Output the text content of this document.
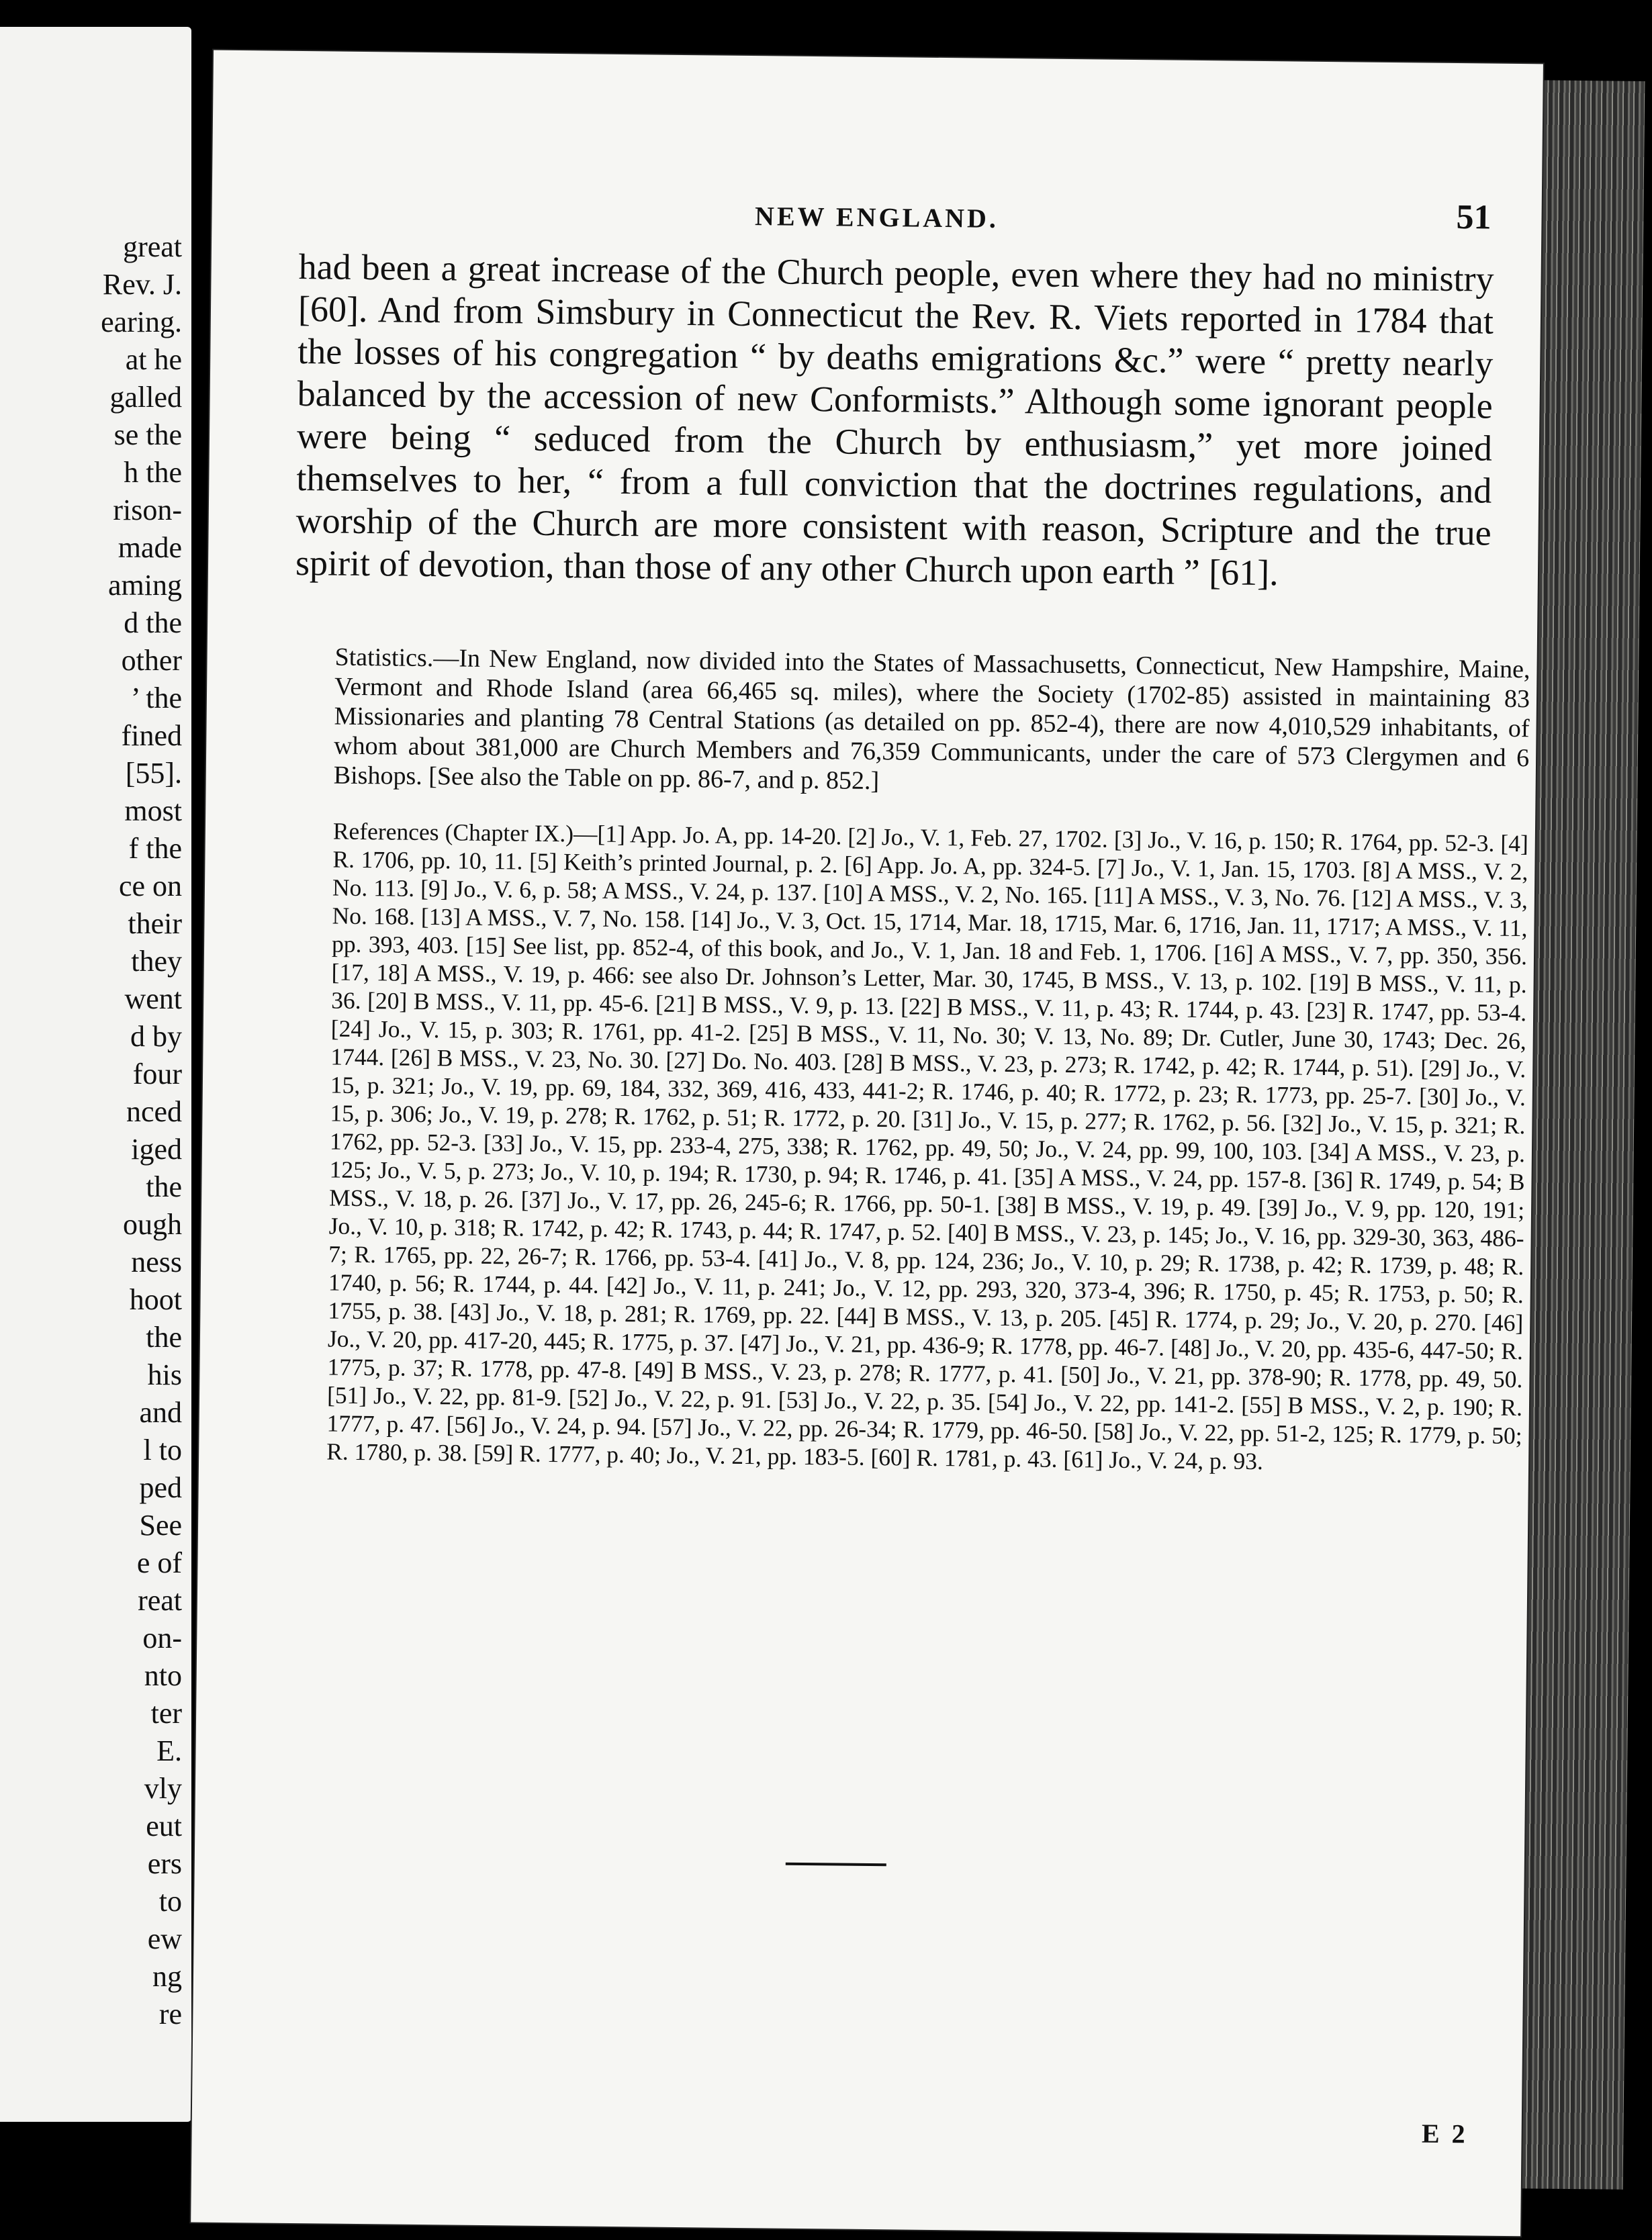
great
Rev. J.
earing.
at he
galled
se the
h the
rison-
made
aming
d the
other
’ the
fined
[55].
most
f the
ce on
their
they
went
d by
four
nced
iged
the
ough
ness
hoot
the
his
and
l to
ped
See
e of
reat
on-
nto
ter
E.
vly
eut
ers
to
ew
ng
re
NEW ENGLAND.	51

had been a great increase of the Church people, even where they had no ministry [60]. And from Simsbury in Connecticut the Rev. R. Viets reported in 1784 that the losses of his congregation “ by deaths emigrations &c.” were “ pretty nearly balanced by the accession of new Conformists.” Although some ignorant people were being “ seduced from the Church by enthusiasm,” yet more joined themselves to her, “ from a full conviction that the doctrines regulations, and worship of the Church are more consistent with reason, Scripture and the true spirit of devotion, than those of any other Church upon earth ” [61].

Statistics.—In New England, now divided into the States of Massachusetts, Connecticut, New Hampshire, Maine, Vermont and Rhode Island (area 66,465 sq. miles), where the Society (1702-85) assisted in maintaining 83 Missionaries and planting 78 Central Stations (as detailed on pp. 852-4), there are now 4,010,529 inhabitants, of whom about 381,000 are Church Members and 76,359 Communicants, under the care of 573 Clergymen and 6 Bishops. [See also the Table on pp. 86-7, and p. 852.]
References (Chapter IX.)—[1] App. Jo. A, pp. 14-20. [2] Jo., V. 1, Feb. 27, 1702. [3] Jo., V. 16, p. 150; R. 1764, pp. 52-3. [4] R. 1706, pp. 10, 11. [5] Keith’s printed Journal, p. 2. [6] App. Jo. A, pp. 324-5. [7] Jo., V. 1, Jan. 15, 1703. [8] A MSS., V. 2, No. 113. [9] Jo., V. 6, p. 58; A MSS., V. 24, p. 137. [10] A MSS., V. 2, No. 165. [11] A MSS., V. 3, No. 76. [12] A MSS., V. 3, No. 168. [13] A MSS., V. 7, No. 158. [14] Jo., V. 3, Oct. 15, 1714, Mar. 18, 1715, Mar. 6, 1716, Jan. 11, 1717; A MSS., V. 11, pp. 393, 403. [15] See list, pp. 852-4, of this book, and Jo., V. 1, Jan. 18 and Feb. 1, 1706. [16] A MSS., V. 7, pp. 350, 356. [17, 18] A MSS., V. 19, p. 466: see also Dr. Johnson’s Letter, Mar. 30, 1745, B MSS., V. 13, p. 102. [19] B MSS., V. 11, p. 36. [20] B MSS., V. 11, pp. 45-6. [21] B MSS., V. 9, p. 13. [22] B MSS., V. 11, p. 43; R. 1744, p. 43. [23] R. 1747, pp. 53-4. [24] Jo., V. 15, p. 303; R. 1761, pp. 41-2. [25] B MSS., V. 11, No. 30; V. 13, No. 89; Dr. Cutler, June 30, 1743; Dec. 26, 1744. [26] B MSS., V. 23, No. 30. [27] Do. No. 403. [28] B MSS., V. 23, p. 273; R. 1742, p. 42; R. 1744, p. 51). [29] Jo., V. 15, p. 321; Jo., V. 19, pp. 69, 184, 332, 369, 416, 433, 441-2; R. 1746, p. 40; R. 1772, p. 23; R. 1773, pp. 25-7. [30] Jo., V. 15, p. 306; Jo., V. 19, p. 278; R. 1762, p. 51; R. 1772, p. 20. [31] Jo., V. 15, p. 277; R. 1762, p. 56. [32] Jo., V. 15, p. 321; R. 1762, pp. 52-3. [33] Jo., V. 15, pp. 233-4, 275, 338; R. 1762, pp. 49, 50; Jo., V. 24, pp. 99, 100, 103. [34] A MSS., V. 23, p. 125; Jo., V. 5, p. 273; Jo., V. 10, p. 194; R. 1730, p. 94; R. 1746, p. 41. [35] A MSS., V. 24, pp. 157-8. [36] R. 1749, p. 54; B MSS., V. 18, p. 26. [37] Jo., V. 17, pp. 26, 245-6; R. 1766, pp. 50-1. [38] B MSS., V. 19, p. 49. [39] Jo., V. 9, pp. 120, 191; Jo., V. 10, p. 318; R. 1742, p. 42; R. 1743, p. 44; R. 1747, p. 52. [40] B MSS., V. 23, p. 145; Jo., V. 16, pp. 329-30, 363, 486-7; R. 1765, pp. 22, 26-7; R. 1766, pp. 53-4. [41] Jo., V. 8, pp. 124, 236; Jo., V. 10, p. 29; R. 1738, p. 42; R. 1739, p. 48; R. 1740, p. 56; R. 1744, p. 44. [42] Jo., V. 11, p. 241; Jo., V. 12, pp. 293, 320, 373-4, 396; R. 1750, p. 45; R. 1753, p. 50; R. 1755, p. 38. [43] Jo., V. 18, p. 281; R. 1769, pp. 22. [44] B MSS., V. 13, p. 205. [45] R. 1774, p. 29; Jo., V. 20, p. 270. [46] Jo., V. 20, pp. 417-20, 445; R. 1775, p. 37. [47] Jo., V. 21, pp. 436-9; R. 1778, pp. 46-7. [48] Jo., V. 20, pp. 435-6, 447-50; R. 1775, p. 37; R. 1778, pp. 47-8. [49] B MSS., V. 23, p. 278; R. 1777, p. 41. [50] Jo., V. 21, pp. 378-90; R. 1778, pp. 49, 50. [51] Jo., V. 22, pp. 81-9. [52] Jo., V. 22, p. 91. [53] Jo., V. 22, p. 35. [54] Jo., V. 22, pp. 141-2. [55] B MSS., V. 2, p. 190; R. 1777, p. 47. [56] Jo., V. 24, p. 94. [57] Jo., V. 22, pp. 26-34; R. 1779, pp. 46-50. [58] Jo., V. 22, pp. 51-2, 125; R. 1779, p. 50; R. 1780, p. 38. [59] R. 1777, p. 40; Jo., V. 21, pp. 183-5. [60] R. 1781, p. 43. [61] Jo., V. 24, p. 93.
E 2
